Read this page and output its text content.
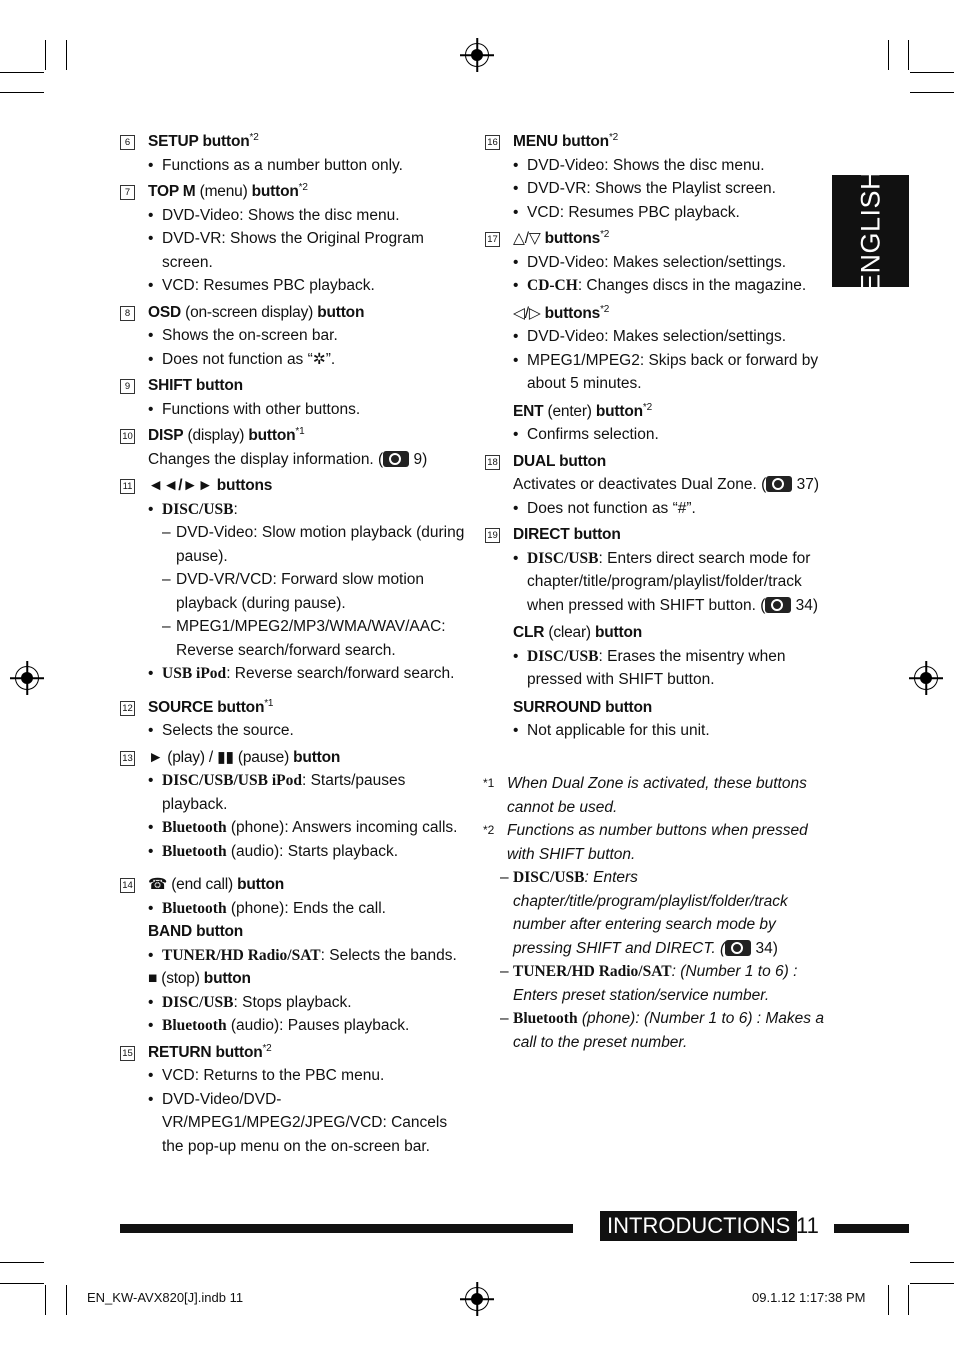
ENGLISH
6	SETUP button$^{*2}$
• Functions as a number button only.
7	TOP M (menu) button$^{*2}$
• DVD-Video: Shows the disc menu.
• DVD-VR: Shows the Original Program screen.
• VCD: Resumes PBC playback.
8	OSD (on-screen display) button
• Shows the on-screen bar.
• Does not function as “✲”.
9	SHIFT button
• Functions with other buttons.
10 DISP (display) button$^{*1}$
Changes the display information. ( 9)
11 ◄◄/►► buttons
• DISC/USB:
– DVD-Video: Slow motion playback (during pause).
– DVD-VR/VCD: Forward slow motion playback (during pause).
– MPEG1/MPEG2/MP3/WMA/WAV/AAC: Reverse search/forward search.
• USB iPod: Reverse search/forward search.
12 SOURCE button$^{*1}$
• Selects the source.
13 ► (play) / ▮▮ (pause) button
• DISC/USB/USB iPod: Starts/pauses playback.
• Bluetooth (phone): Answers incoming calls.
• Bluetooth (audio): Starts playback.
14 ☎ (end call) button
• Bluetooth (phone): Ends the call.
BAND button
• TUNER/HD Radio/SAT: Selects the bands.
■ (stop) button
• DISC/USB: Stops playback.
• Bluetooth (audio): Pauses playback.
15 RETURN button$^{*2}$
• VCD: Returns to the PBC menu.
• DVD-Video/DVD-VR/MPEG1/MPEG2/JPEG/VCD: Cancels the pop-up menu on the on-screen bar.
16 MENU button$^{*2}$
• DVD-Video: Shows the disc menu.
• DVD-VR: Shows the Playlist screen.
• VCD: Resumes PBC playback.
17 △/▽ buttons$^{*2}$
• DVD-Video: Makes selection/settings.
• CD-CH: Changes discs in the magazine.
◁/▷ buttons$^{*2}$
• DVD-Video: Makes selection/settings.
• MPEG1/MPEG2: Skips back or forward by about 5 minutes.
ENT (enter) button$^{*2}$
• Confirms selection.
18 DUAL button
Activates or deactivates Dual Zone. ( 37)
• Does not function as “#”.
19 DIRECT button
• DISC/USB: Enters direct search mode for chapter/title/program/playlist/folder/track when pressed with SHIFT button. ( 34)
CLR (clear) button
• DISC/USB: Erases the misentry when pressed with SHIFT button.
SURROUND button
• Not applicable for this unit.
*1 When Dual Zone is activated, these buttons cannot be used.
*2 Functions as number buttons when pressed with SHIFT button.
– DISC/USB: Enters chapter/title/program/playlist/folder/track number after entering search mode by pressing SHIFT and DIRECT. ( 34)
– TUNER/HD Radio/SAT: (Number 1 to 6) : Enters preset station/service number.
– Bluetooth (phone): (Number 1 to 6) : Makes a call to the preset number.
INTRODUCTIONS 11
EN_KW-AVX820[J].indb 11	09.1.12 1:17:38 PM
